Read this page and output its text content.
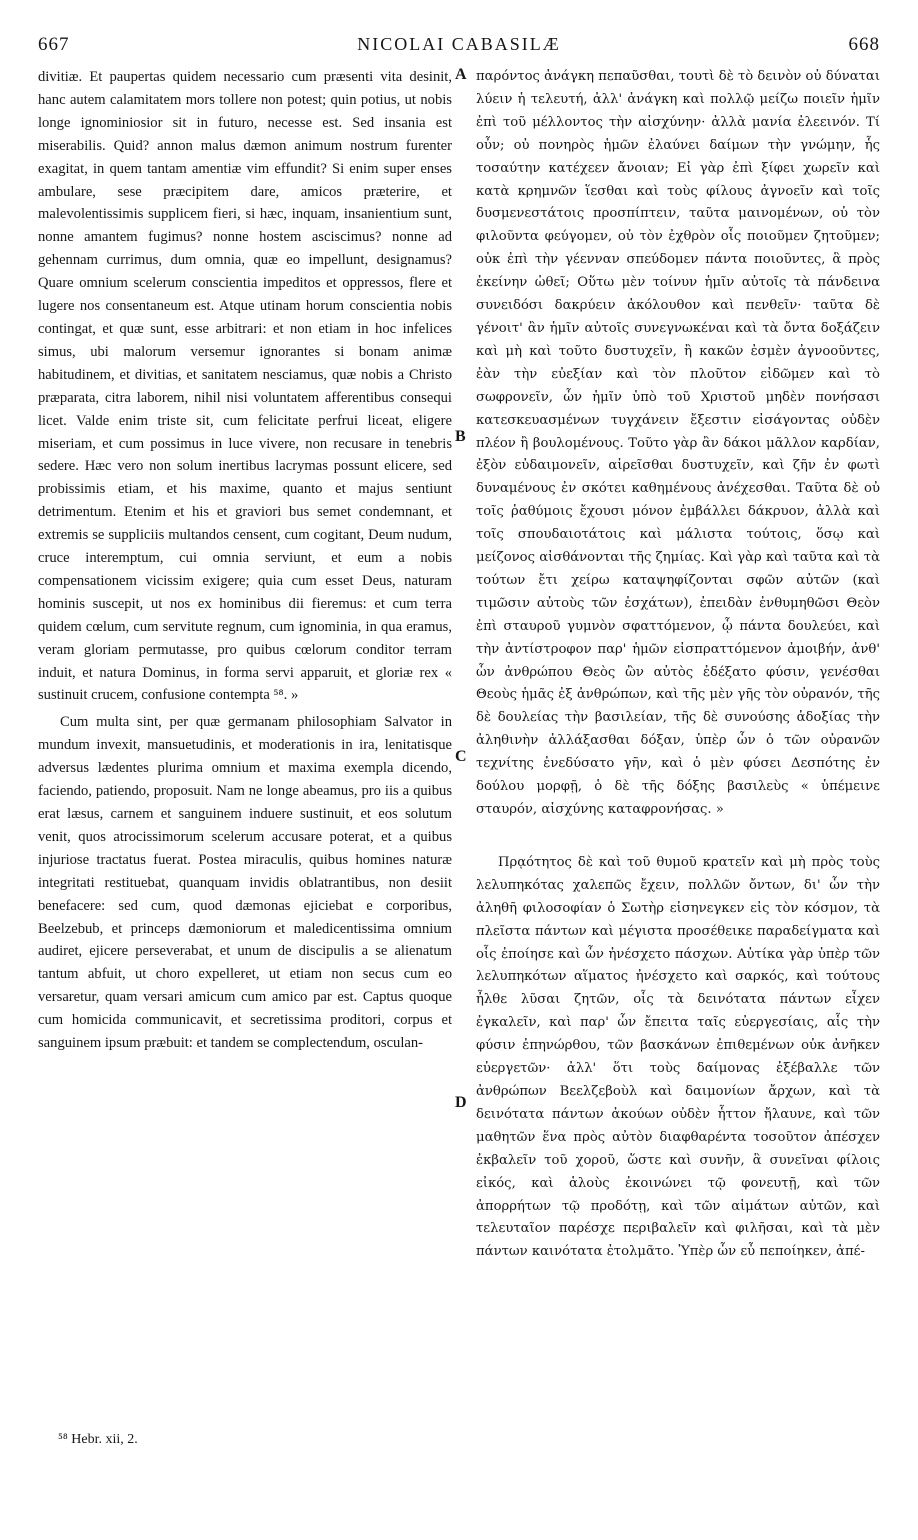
NICOLAI CABASILÆ
667	668

divitiæ. Et paupertas quidem necessario cum præsenti vita desinit, hanc autem calamitatem mors tollere non potest; quin potius, ut nobis longe ignominiosior sit in futuro, necesse est. Sed insania est miserabilis. Quid? annon malus dæmon animum nostrum furenter exagitat, in quem tantam amentiæ vim effundit? Si enim super enses ambulare, sese præcipitem dare, amicos præterire, et malevolentissimis supplicem fieri, si hæc, inquam, insanientium sunt, nonne amantem fugimus? nonne hostem asciscimus? nonne ad gehennam currimus, dum omnia, quæ eo impellunt, designamus? Quare omnium scelerum conscientia impeditos et oppressos, flere et lugere nos consentaneum est. Atque utinam horum conscientia nobis contingat, et quæ sunt, esse arbitrari: et non etiam in hoc infelices simus, ubi malorum versemur ignorantes si bonam animæ habitudinem, et divitias, et sanitatem nesciamus, quæ nobis a Christo præparata, citra laborem, nihil nisi voluntatem afferentibus consequi licet. Valde enim triste sit, cum felicitate perfrui liceat, eligere miseriam, et cum possimus in luce vivere, non recusare in tenebris sedere. Hæc vero non solum inertibus lacrymas possunt elicere, sed probissimis etiam, et his maxime, quanto et majus sentiunt detrimentum. Etenim et his et graviori bus semet condemnant, et extremis se suppliciis multandos censent, cum cogitant, Deum nudum, cruce interemptum, cui omnia serviunt, et eum a nobis compensationem vicissim exigere; quia cum esset Deus, naturam hominis suscepit, ut nos ex hominibus dii fieremus: et cum terra quidem cœlum, cum servitute regnum, cum ignominia, in qua eramus, veram gloriam permutasse, pro quibus cœlorum conditor terram induit, et natura Dominus, in forma servi apparuit, et gloriæ rex « sustinuit crucem, confusione contempta ⁵⁸. »

Cum multa sint, per quæ germanam philosophiam Salvator in mundum invexit, mansuetudinis, et moderationis in ira, lenitatisque adversus lædentes plurima omnium et maxima exempla dicendo, faciendo, patiendo, proposuit. Nam ne longe abeamus, pro iis a quibus erat læsus, carnem et sanguinem induere sustinuit, et eos solutum venit, quos atrocissimorum scelerum accusare poterat, et a quibus injuriose tractatus fuerat. Postea miraculis, quibus homines naturæ integritati restituebat, quanquam invidis oblatrantibus, non desiit benefacere: sed cum, quod dæmonas ejiciebat e corporibus, Beelzebub, et princeps dæmoniorum et maledicentissima omnium audiret, ejicere perseverabat, et unum de discipulis a se alienatum tantum abfuit, ut choro expelleret, ut etiam non secus cum eo versaretur, quam versari amicum cum amico par est. Captus quoque cum homicida communicavit, et secretissima proditori, corpus et sanguinem ipsum præbuit: et tandem se complectendum, osculan-

A
B
C
D

παρόντος ἀνάγκη πεπαῦσθαι, τουτὶ δὲ τὸ δεινὸν οὐ δύναται λύειν ἡ τελευτή, ἀλλ' ἀνάγκη καὶ πολλῷ μείζω ποιεῖν ἡμῖν ἐπὶ τοῦ μέλλοντος τὴν αἰσχύνην· ἀλλὰ μανία ἐλεεινόν. Τί οὖν; οὐ πονηρὸς ἡμῶν ἐλαύνει δαίμων τὴν γνώμην, ἧς τοσαύτην κατέχεεν ἄνοιαν; Εἰ γὰρ ἐπὶ ξίφει χωρεῖν καὶ κατὰ κρημνῶν ἵεσθαι καὶ τοὺς φίλους ἀγνοεῖν καὶ τοῖς δυσμενεστάτοις προσπίπτειν, ταῦτα μαινομένων, οὐ τὸν φιλοῦντα φεύγομεν, οὐ τὸν ἐχθρὸν οἷς ποιοῦμεν ζητοῦμεν; οὐκ ἐπὶ τὴν γέενναν σπεύδομεν πάντα ποιοῦντες, ἃ πρὸς ἐκείνην ὠθεῖ; Οὕτω μὲν τοίνυν ἡμῖν αὐτοῖς τὰ πάνδεινα συνειδόσι δακρύειν ἀκόλουθον καὶ πενθεῖν· ταῦτα δὲ γένοιτ' ἂν ἡμῖν αὐτοῖς συνεγνωκέναι καὶ τὰ ὄντα δοξάζειν καὶ μὴ καὶ τοῦτο δυστυχεῖν, ἢ κακῶν ἐσμὲν ἀγνοοῦντες, ἐὰν τὴν εὐεξίαν καὶ τὸν πλοῦτον εἰδῶμεν καὶ τὸ σωφρονεῖν, ὧν ἡμῖν ὑπὸ τοῦ Χριστοῦ μηδὲν πονήσασι κατεσκευασμένων τυγχάνειν ἔξεστιν εἰσάγοντας οὐδὲν πλέον ἢ βουλομένους. Τοῦτο γὰρ ἂν δάκοι μᾶλλον καρδίαν, ἐξὸν εὐδαιμονεῖν, αἱρεῖσθαι δυστυχεῖν, καὶ ζῆν ἐν φωτὶ δυναμένους ἐν σκότει καθημένους ἀνέχεσθαι. Ταῦτα δὲ οὐ τοῖς ῥαθύμοις ἔχουσι μόνον ἐμβάλλει δάκρυον, ἀλλὰ καὶ τοῖς σπουδαιοτάτοις καὶ μάλιστα τούτοις, ὅσῳ καὶ μείζονος αἰσθάνονται τῆς ζημίας. Καὶ γὰρ καὶ ταῦτα καὶ τὰ τούτων ἔτι χείρω καταψηφίζονται σφῶν αὐτῶν (καὶ τιμῶσιν αὐτοὺς τῶν ἐσχάτων), ἐπειδὰν ἐνθυμηθῶσι Θεὸν ἐπὶ σταυροῦ γυμνὸν σφαττόμενον, ᾧ πάντα δουλεύει, καὶ τὴν ἀντίστροφον παρ' ἡμῶν εἰσπραττόμενον ἀμοιβήν, ἀνθ' ὧν ἀνθρώπου Θεὸς ὢν αὐτὸς ἐδέξατο φύσιν, γενέσθαι Θεοὺς ἡμᾶς ἐξ ἀνθρώπων, καὶ τῆς μὲν γῆς τὸν οὐρανόν, τῆς δὲ δουλείας τὴν βασιλείαν, τῆς δὲ συνούσης ἀδοξίας τὴν ἀληθινὴν ἀλλάξασθαι δόξαν, ὑπὲρ ὧν ὁ τῶν οὐρανῶν τεχνίτης ἐνεδύσατο γῆν, καὶ ὁ μὲν φύσει Δεσπότης ἐν δούλου μορφῇ, ὁ δὲ τῆς δόξης βασιλεὺς « ὑπέμεινε σταυρόν, αἰσχύνης καταφρονήσας. »

Πρᾳότητος δὲ καὶ τοῦ θυμοῦ κρατεῖν καὶ μὴ πρὸς τοὺς λελυπηκότας χαλεπῶς ἔχειν, πολλῶν ὄντων, δι' ὧν τὴν ἀληθῆ φιλοσοφίαν ὁ Σωτὴρ εἰσηνεγκεν εἰς τὸν κόσμον, τὰ πλεῖστα πάντων καὶ μέγιστα προσέθεικε παραδείγματα καὶ οἷς ἐποίησε καὶ ὧν ἠνέσχετο πάσχων. Αὐτίκα γὰρ ὑπὲρ τῶν λελυπηκότων αἵματος ἠνέσχετο καὶ σαρκός, καὶ τούτους ἦλθε λῦσαι ζητῶν, οἷς τὰ δεινότατα πάντων εἶχεν ἐγκαλεῖν, καὶ παρ' ὧν ἔπειτα ταῖς εὐεργεσίαις, αἷς τὴν φύσιν ἐπηνώρθου, τῶν βασκάνων ἐπιθεμένων οὐκ ἀνῆκεν εὐεργετῶν· ἀλλ' ὅτι τοὺς δαίμονας ἐξέβαλλε τῶν ἀνθρώπων Βεελζεβοὺλ καὶ δαιμονίων ἄρχων, καὶ τὰ δεινότατα πάντων ἀκούων οὐδὲν ἧττον ἤλαυνε, καὶ τῶν μαθητῶν ἕνα πρὸς αὐτὸν διαφθαρέντα τοσοῦτον ἀπέσχεν ἐκβαλεῖν τοῦ χοροῦ, ὥστε καὶ συνῆν, ἃ συνεῖναι φίλοις εἰκός, καὶ ἁλοὺς ἐκοινώνει τῷ φονευτῇ, καὶ τῶν ἀπορρήτων τῷ προδότῃ, καὶ τῶν αἱμάτων αὐτῶν, καὶ τελευταῖον παρέσχε περιβαλεῖν καὶ φιλῆσαι, καὶ τὰ μὲν πάντων καινότατα ἐτολμᾶτο. Ὑπὲρ ὧν εὖ πεποίηκεν, ἀπέ-

⁵⁸ Hebr. xii, 2.
